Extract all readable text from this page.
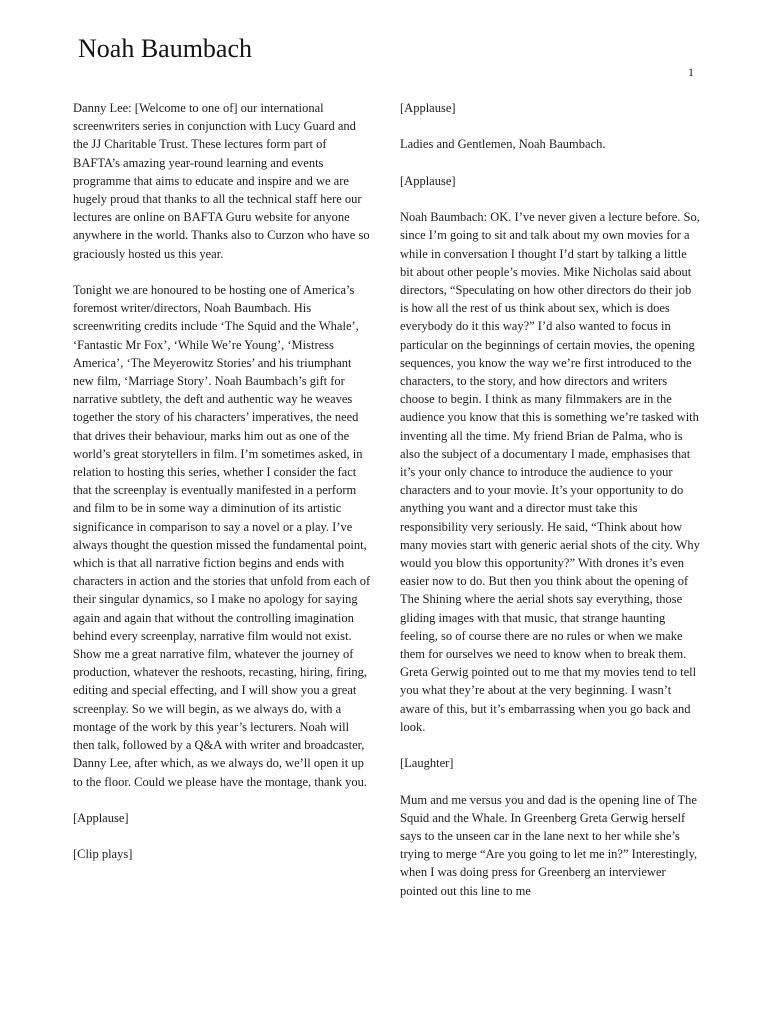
Noah Baumbach
1

Danny Lee: [Welcome to one of] our international screenwriters series in conjunction with Lucy Guard and the JJ Charitable Trust. These lectures form part of BAFTA’s amazing year-round learning and events programme that aims to educate and inspire and we are hugely proud that thanks to all the technical staff here our lectures are online on BAFTA Guru website for anyone anywhere in the world. Thanks also to Curzon who have so graciously hosted us this year.

Tonight we are honoured to be hosting one of America’s foremost writer/directors, Noah Baumbach. His screenwriting credits include ‘The Squid and the Whale’, ‘Fantastic Mr Fox’, ‘While We’re Young’, ‘Mistress America’, ‘The Meyerowitz Stories’ and his triumphant new film, ‘Marriage Story’. Noah Baumbach’s gift for narrative subtlety, the deft and authentic way he weaves together the story of his characters’ imperatives, the need that drives their behaviour, marks him out as one of the world’s great storytellers in film. I’m sometimes asked, in relation to hosting this series, whether I consider the fact that the screenplay is eventually manifested in a perform and film to be in some way a diminution of its artistic significance in comparison to say a novel or a play. I’ve always thought the question missed the fundamental point, which is that all narrative fiction begins and ends with characters in action and the stories that unfold from each of their singular dynamics, so I make no apology for saying again and again that without the controlling imagination behind every screenplay, narrative film would not exist. Show me a great narrative film, whatever the journey of production, whatever the reshoots, recasting, hiring, firing, editing and special effecting, and I will show you a great screenplay. So we will begin, as we always do, with a montage of the work by this year’s lecturers. Noah will then talk, followed by a Q&A with writer and broadcaster, Danny Lee, after which, as we always do, we’ll open it up to the floor. Could we please have the montage, thank you.

[Applause]

[Clip plays]

[Applause]

Ladies and Gentlemen, Noah Baumbach.

[Applause]

Noah Baumbach: OK. I’ve never given a lecture before. So, since I’m going to sit and talk about my own movies for a while in conversation I thought I’d start by talking a little bit about other people’s movies. Mike Nicholas said about directors, “Speculating on how other directors do their job is how all the rest of us think about sex, which is does everybody do it this way?” I’d also wanted to focus in particular on the beginnings of certain movies, the opening sequences, you know the way we’re first introduced to the characters, to the story, and how directors and writers choose to begin. I think as many filmmakers are in the audience you know that this is something we’re tasked with inventing all the time. My friend Brian de Palma, who is also the subject of a documentary I made, emphasises that it’s your only chance to introduce the audience to your characters and to your movie. It’s your opportunity to do anything you want and a director must take this responsibility very seriously. He said, “Think about how many movies start with generic aerial shots of the city. Why would you blow this opportunity?” With drones it’s even easier now to do. But then you think about the opening of The Shining where the aerial shots say everything, those gliding images with that music, that strange haunting feeling, so of course there are no rules or when we make them for ourselves we need to know when to break them. Greta Gerwig pointed out to me that my movies tend to tell you what they’re about at the very beginning. I wasn’t aware of this, but it’s embarrassing when you go back and look.

[Laughter]

Mum and me versus you and dad is the opening line of The Squid and the Whale. In Greenberg Greta Gerwig herself says to the unseen car in the lane next to her while she’s trying to merge “Are you going to let me in?” Interestingly, when I was doing press for Greenberg an interviewer pointed out this line to me
